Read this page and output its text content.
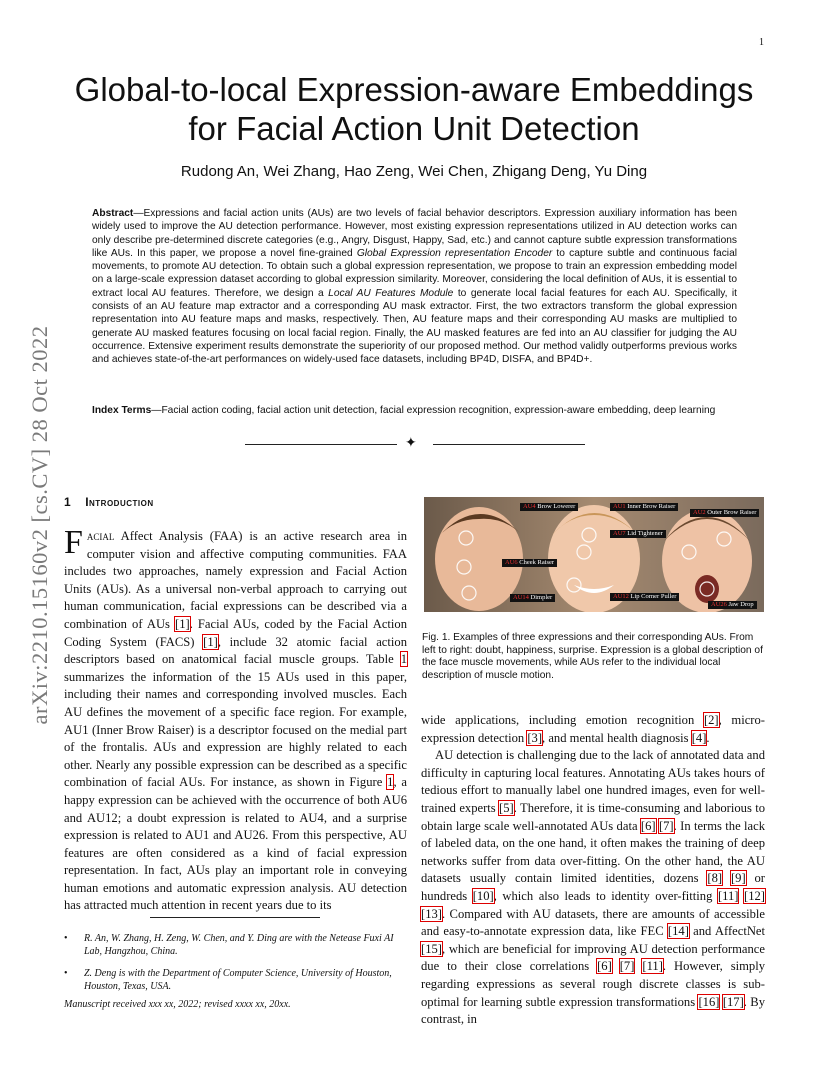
1
Global-to-local Expression-aware Embeddings
for Facial Action Unit Detection
Rudong An, Wei Zhang, Hao Zeng, Wei Chen, Zhigang Deng, Yu Ding
Abstract—Expressions and facial action units (AUs) are two levels of facial behavior descriptors. Expression auxiliary information has been widely used to improve the AU detection performance. However, most existing expression representations utilized in AU detection works can only describe pre-determined discrete categories (e.g., Angry, Disgust, Happy, Sad, etc.) and cannot capture subtle expression transformations like AUs. In this paper, we propose a novel fine-grained Global Expression representation Encoder to capture subtle and continuous facial movements, to promote AU detection. To obtain such a global expression representation, we propose to train an expression embedding model on a large-scale expression dataset according to global expression similarity. Moreover, considering the local definition of AUs, it is essential to extract local AU features. Therefore, we design a Local AU Features Module to generate local facial features for each AU. Specifically, it consists of an AU feature map extractor and a corresponding AU mask extractor. First, the two extractors transform the global expression representation into AU feature maps and masks, respectively. Then, AU feature maps and their corresponding AU masks are multiplied to generate AU masked features focusing on local facial region. Finally, the AU masked features are fed into an AU classifier for judging the AU occurrence. Extensive experiment results demonstrate the superiority of our proposed method. Our method validly outperforms previous works and achieves state-of-the-art performances on widely-used face datasets, including BP4D, DISFA, and BP4D+.
Index Terms—Facial action coding, facial action unit detection, facial expression recognition, expression-aware embedding, deep learning
✦
arXiv:2210.15160v2 [cs.CV] 28 Oct 2022 1 Introduction
Facial Affect Analysis (FAA) is an active research area in computer vision and affective computing communities. FAA includes two approaches, namely expression and Facial Action Units (AUs). As a universal non-verbal approach to carrying out human communication, facial expressions can be described via a combination of AUs [1]. Facial AUs, coded by the Facial Action Coding System (FACS) [1], include 32 atomic facial action descriptors based on anatomical facial muscle groups. Table 1 summarizes the information of the 15 AUs used in this paper, including their names and corresponding involved muscles. Each AU defines the movement of a specific face region. For example, AU1 (Inner Brow Raiser) is a descriptor focused on the medial part of the frontalis. AUs and expression are highly related to each other. Nearly any possible expression can be described as a specific combination of facial AUs. For instance, as shown in Figure 1, a happy expression can be achieved with the occurrence of both AU6 and AU12; a doubt expression is related to AU4, and a surprise expression is related to AU1 and AU26. From this perspective, AU features are often considered as a kind of facial expression representation. In fact, AUs play an important role in conveying human emotions and automatic expression analysis. AU detection has attracted much attention in recent years due to its
• R. An, W. Zhang, H. Zeng, W. Chen, and Y. Ding are with the Netease Fuxi AI Lab, Hangzhou, China.
• Z. Deng is with the Department of Computer Science, University of Houston, Houston, Texas, USA.
Manuscript received xxx xx, 2022; revised xxxx xx, 20xx.
AU4 Brow Lowerer	AU1 Inner Brow Raiser
AU2 Outer Brow Raiser
AU7 Lid Tightener
AU6 Cheek Raiser
AU14 Dimpler	AU12 Lip Corner Puller
AU26 Jaw Drop
Fig. 1. Examples of three expressions and their corresponding AUs. From left to right: doubt, happiness, surprise. Expression is a global description of the face muscle movements, while AUs refer to the individual local description of muscle motion.
wide applications, including emotion recognition [2], micro-expression detection [3], and mental health diagnosis [4].
AU detection is challenging due to the lack of annotated data and difficulty in capturing local features. Annotating AUs takes hours of tedious effort to manually label one hundred images, even for well-trained experts [5]. Therefore, it is time-consuming and laborious to obtain large scale well-annotated AUs data [6] [7]. In terms the lack of labeled data, on the one hand, it often makes the training of deep networks suffer from data over-fitting. On the other hand, the AU datasets usually contain limited identities, dozens [8] [9] or hundreds [10], which also leads to identity over-fitting [11] [12] [13]. Compared with AU datasets, there are amounts of accessible and easy-to-annotate expression data, like FEC [14] and AffectNet [15], which are beneficial for improving AU detection performance due to their close correlations [6] [7] [11]. However, simply regarding expressions as several rough discrete classes is sub-optimal for learning subtle expression transformations [16] [17]. By contrast, in
